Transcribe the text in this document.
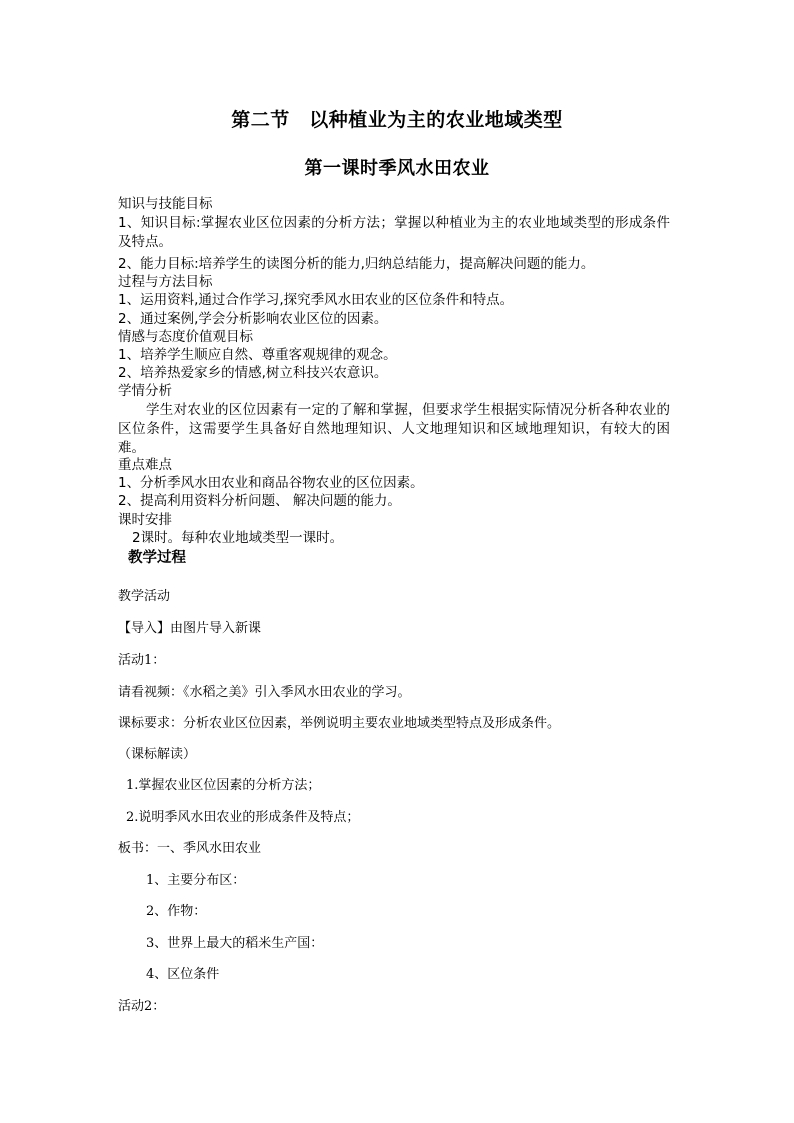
第二节　以种植业为主的农业地域类型
第一课时季风水田农业
知识与技能目标
1、知识目标:掌握农业区位因素的分析方法；掌握以种植业为主的农业地域类型的形成条件及特点。
2、能力目标:培养学生的读图分析的能力,归纳总结能力，提高解决问题的能力。
过程与方法目标
1、运用资料,通过合作学习,探究季风水田农业的区位条件和特点。
2、通过案例,学会分析影响农业区位的因素。
情感与态度价值观目标
1、培养学生顺应自然、尊重客观规律的观念。
2、培养热爱家乡的情感,树立科技兴农意识。
学情分析
学生对农业的区位因素有一定的了解和掌握，但要求学生根据实际情况分析各种农业的区位条件，这需要学生具备好自然地理知识、人文地理知识和区域地理知识，有较大的困难。
重点难点
1、分析季风水田农业和商品谷物农业的区位因素。
2、提高利用资料分析问题、 解决问题的能力。
课时安排
2课时。每种农业地域类型一课时。
教学过程
教学活动
【导入】由图片导入新课
活动1：
请看视频：《水稻之美》引入季风水田农业的学习。
课标要求：分析农业区位因素，举例说明主要农业地域类型特点及形成条件。
（课标解读）
1.掌握农业区位因素的分析方法；
2.说明季风水田农业的形成条件及特点；
板书：一、季风水田农业
1、主要分布区：
2、作物：
3、世界上最大的稻米生产国：
4、区位条件
活动2：
